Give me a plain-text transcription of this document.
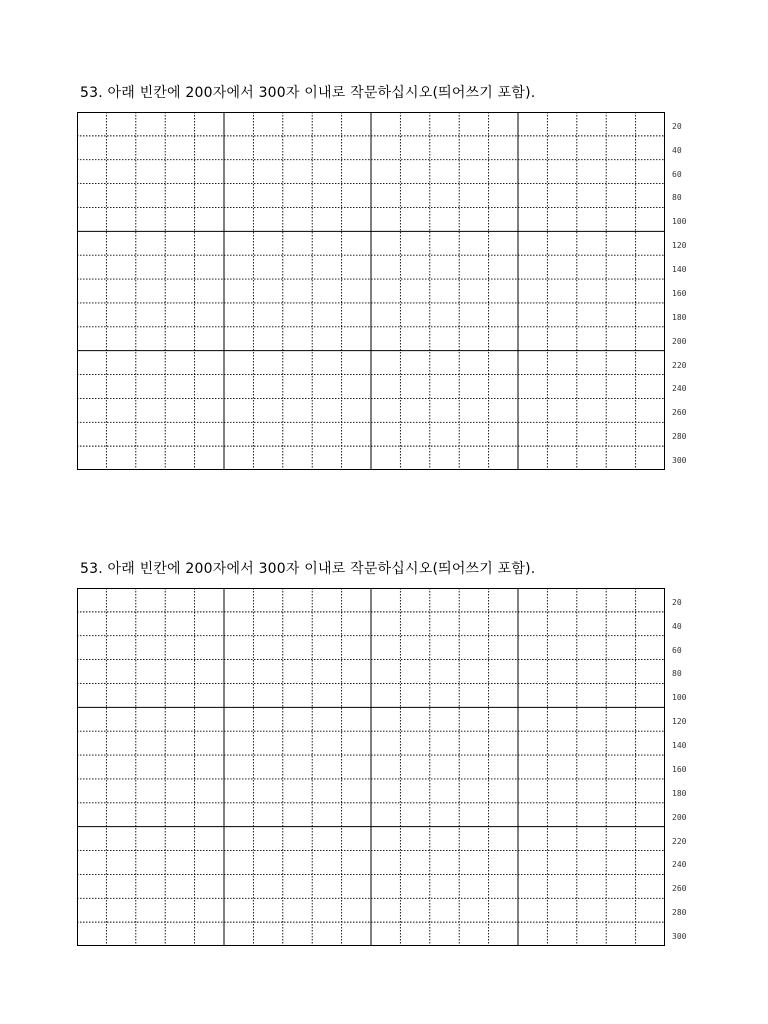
53. 아래 빈칸에 200자에서 300자 이내로 작문하십시오(띄어쓰기 포함).
20
40
60
80
100
120
140
160
180
200
220
240
260
280
300
53. 아래 빈칸에 200자에서 300자 이내로 작문하십시오(띄어쓰기 포함).
20
40
60
80
100
120
140
160
180
200
220
240
260
280
300
